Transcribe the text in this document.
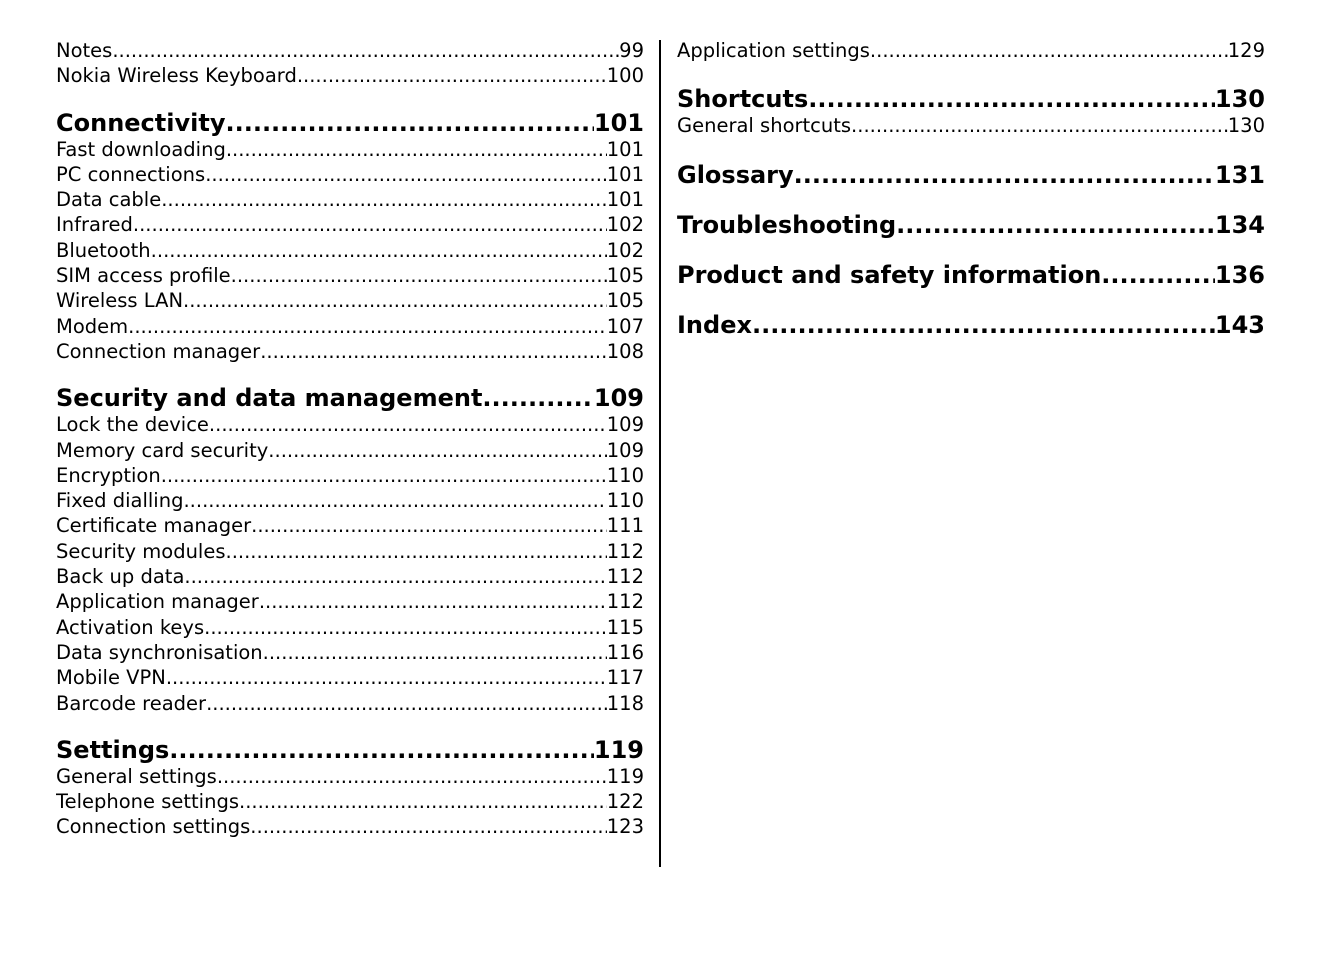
Notes .....	99
Nokia Wireless Keyboard .....	100
Connectivity .....	101
Fast downloading .....	101
PC connections .....	101
Data cable .....	101
Infrared .....	102
Bluetooth .....	102
SIM access profile .....	105
Wireless LAN .....	105
Modem .....	107
Connection manager .....	108
Security and data management .....	109
Lock the device .....	109
Memory card security .....	109
Encryption .....	110
Fixed dialling .....	110
Certificate manager .....	111
Security modules .....	112
Back up data .....	112
Application manager .....	112
Activation keys .....	115
Data synchronisation .....	116
Mobile VPN .....	117
Barcode reader .....	118
Settings .....	119
General settings .....	119
Telephone settings .....	122
Connection settings .....	123
Application settings .....	129
Shortcuts .....	130
General shortcuts .....	130
Glossary .....	131
Troubleshooting .....	134
Product and safety information .....	136
Index .....	143
